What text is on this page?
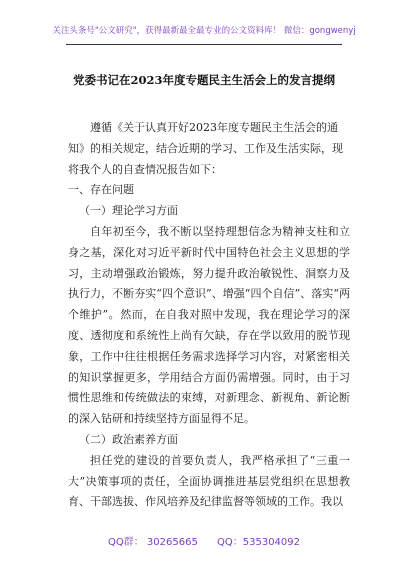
关注头条号"公文研究"，获得最新最全最专业的公文资料库！ 微信：gongwenyj
党委书记在2023年度专题民主生活会上的发言提纲

遵循《关于认真开好2023年度专题民主生活会的通

知》的相关规定，结合近期的学习、工作及生活实际，现

将我个人的自查情况报告如下：

一、存在问题

（一）理论学习方面

自年初至今，我不断以坚持理想信念为精神支柱和立身之基，深化对习近平新时代中国特色社会主义思想的学习，主动增强政治锻炼，努力提升政治敏锐性、洞察力及执行力，不断夯实“四个意识”、增强“四个自信”、落实“两个维护”。然而，在自我对照中发现，我在理论学习的深度、透彻度和系统性上尚有欠缺，存在学以致用的脱节现象，工作中往往根据任务需求选择学习内容，对紧密相关的知识掌握更多，学用结合方面仍需增强。同时，由于习惯性思维和传统做法的束缚，对新理念、新视角、新论断的深入钻研和持续坚持方面显得不足。

（二）政治素养方面

担任党的建设的首要负责人，我严格承担了“三重一大”决策事项的责任，全面协调推进基层党组织在思想教育、干部选拔、作风培养及纪律监督等领域的工作。我以

QQ群： 30265665 QQ：535304092
